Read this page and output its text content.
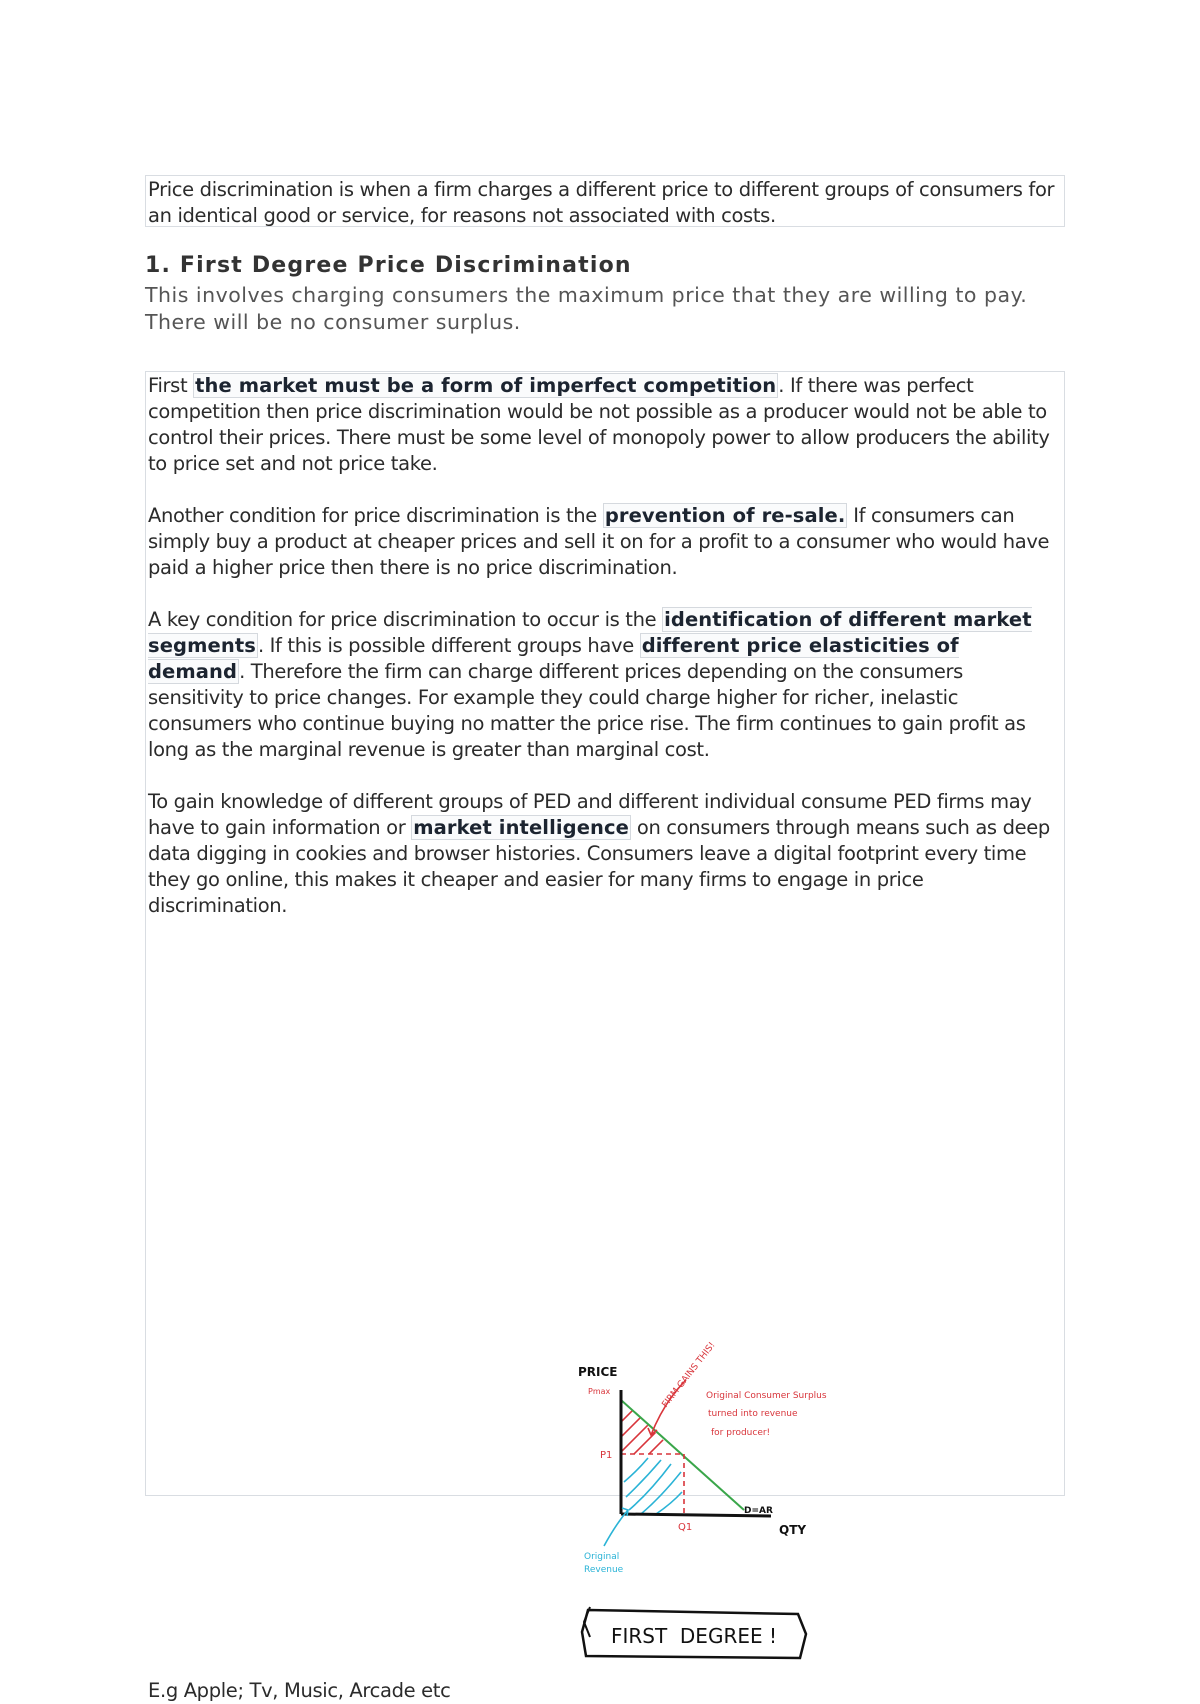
Price discrimination is when a firm charges a different price to different groups of consumers for an identical good or service, for reasons not associated with costs.

1. First Degree Price Discrimination

This involves charging consumers the maximum price that they are willing to pay. There will be no consumer surplus.

First the market must be a form of imperfect competition . If there was perfect competition then price discrimination would be not possible as a producer would not be able to control their prices. There must be some level of monopoly power to allow producers the ability to price set and not price take.

Another condition for price discrimination is the prevention of re-sale. If consumers can simply buy a product at cheaper prices and sell it on for a profit to a consumer who would have paid a higher price then there is no price discrimination.

A key condition for price discrimination to occur is the identification of different market segments . If this is possible different groups have different price elasticities of demand . Therefore the firm can charge different prices depending on the consumers sensitivity to price changes. For example they could charge higher for richer, inelastic consumers who continue buying no matter the price rise. The firm continues to gain profit as long as the marginal revenue is greater than marginal cost.

To gain knowledge of different groups of PED and different individual consume PED firms may have to gain information or market intelligence on consumers through means such as deep data digging in cookies and browser histories. Consumers leave a digital footprint every time they go online, this makes it cheaper and easier for many firms to engage in price discrimination.

PRICE
Pmax
P1
Q1
D=AR
QTY
FIRM GAINS THIS!
Original Consumer Surplus
turned into revenue
for producer!
Original
Revenue
FIRST  DEGREE !

E.g Apple; Tv, Music, Arcade etc
